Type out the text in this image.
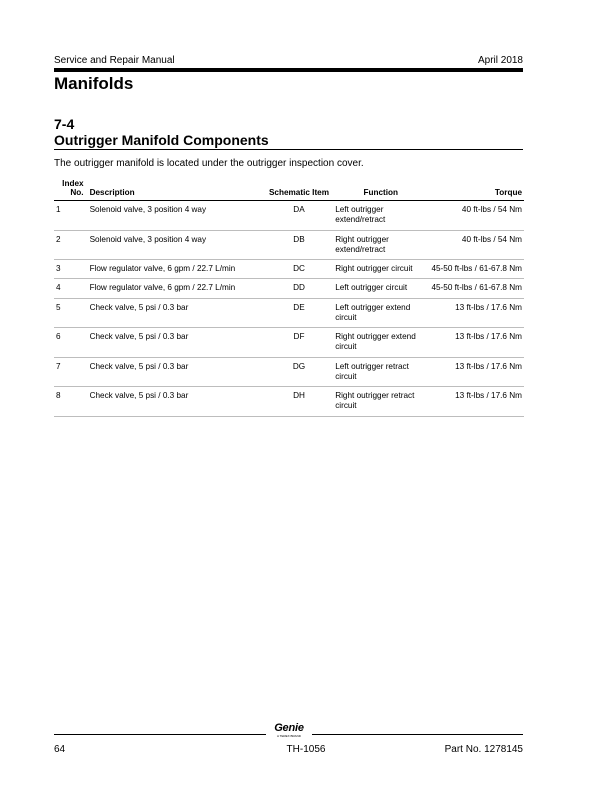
Service and Repair Manual	April 2018
Manifolds
7-4
Outrigger Manifold Components
The outrigger manifold is located under the outrigger inspection cover.
Index No.	Description	Schematic Item	Function	Torque
1	Solenoid valve, 3 position 4 way	DA	Left outrigger extend/retract	40 ft-lbs / 54 Nm
2	Solenoid valve, 3 position 4 way	DB	Right outrigger extend/retract	40 ft-lbs / 54 Nm
3	Flow regulator valve, 6 gpm / 22.7 L/min	DC	Right outrigger circuit	45-50 ft-lbs / 61-67.8 Nm
4	Flow regulator valve, 6 gpm / 22.7 L/min	DD	Left outrigger circuit	45-50 ft-lbs / 61-67.8 Nm
5	Check valve, 5 psi / 0.3 bar	DE	Left outrigger extend circuit	13 ft-lbs / 17.6 Nm
6	Check valve, 5 psi / 0.3 bar	DF	Right outrigger extend circuit	13 ft-lbs / 17.6 Nm
7	Check valve, 5 psi / 0.3 bar	DG	Left outrigger retract circuit	13 ft-lbs / 17.6 Nm
8	Check valve, 5 psi / 0.3 bar	DH	Right outrigger retract circuit	13 ft-lbs / 17.6 Nm
Genie
A TEREX BRAND
64	TH-1056	Part No. 1278145
